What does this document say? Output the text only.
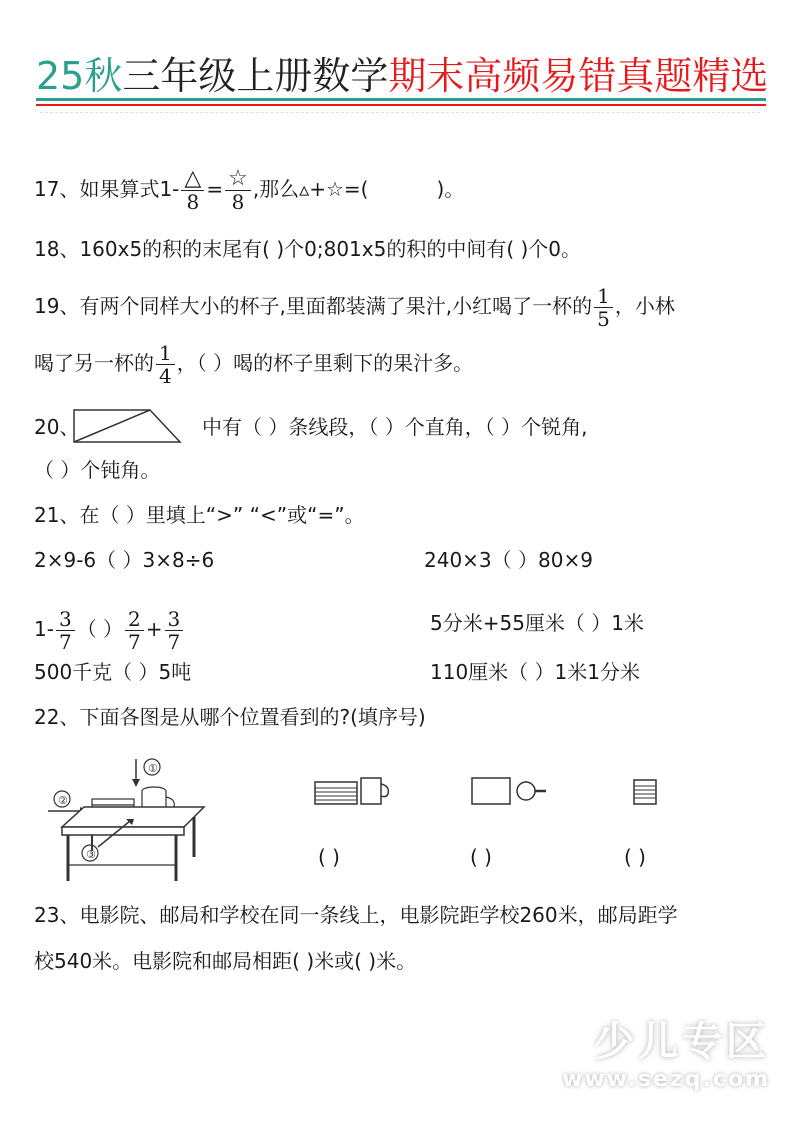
25秋三年级上册数学期末高频易错真题精选
17、如果算式$1- \frac{\triangle}{8} = \frac{☆}{8}$ ,那么▵+☆=(	)。
18、160x5的积的末尾有( )个0;801x5的积的中间有( )个0。
19、有两个同样大小的杯子,里面都装满了果汁,小红喝了一杯的 $\frac{1}{5}$ ，小林
喝了另一杯的 $\frac{1}{4}$ ，（ ）喝的杯子里剩下的果汁多。
20、	中有（ ）条线段，（ ）个直角，（ ）个锐角,
（ ）个钝角。
21、在（ ）里填上“>” “<”或“=”。
2×9-6（ ）3×8÷6	240×3（ ）80×9
$1- \frac{3}{7}$ （ ） $\frac{2}{7} + \frac{3}{7}$	5分米+55厘米（ ）1米
500千克（ ）5吨	110厘米（ ）1米1分米
22、下面各图是从哪个位置看到的?(填序号)
①
②
③	( )	( )	( )
23、电影院、邮局和学校在同一条线上，电影院距学校260米，邮局距学
校540米。电影院和邮局相距( )米或( )米。
少儿专区
www.sezq.com
